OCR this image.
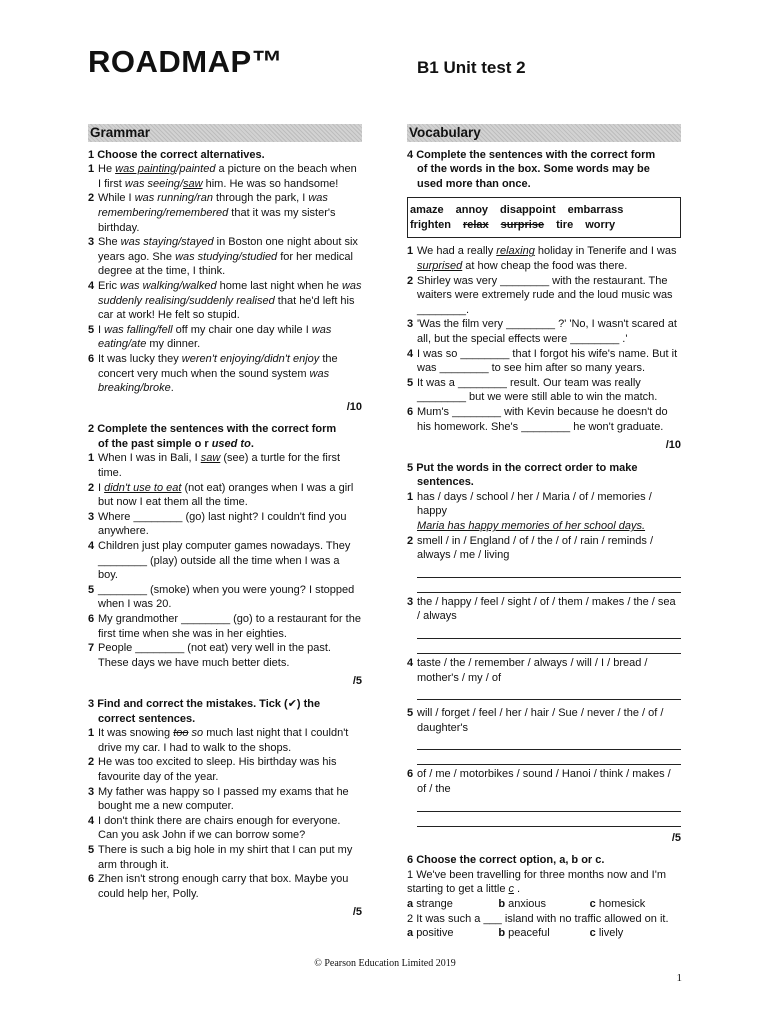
ROADMAP™	B1 Unit test 2
Grammar
1 Choose the correct alternatives.
1 He was painting/painted a picture on the beach when I first was seeing/saw him. He was so handsome!
2 While I was running/ran through the park, I was remembering/remembered that it was my sister's birthday.
3 She was staying/stayed in Boston one night about six years ago. She was studying/studied for her medical degree at the time, I think.
4 Eric was walking/walked home last night when he was suddenly realising/suddenly realised that he'd left his car at work! He felt so stupid.
5 I was falling/fell off my chair one day while I was eating/ate my dinner.
6 It was lucky they weren't enjoying/didn't enjoy the concert very much when the sound system was breaking/broke.
/10
2 Complete the sentences with the correct form
of the past simple o r used to.
1 When I was in Bali, I saw (see) a turtle for the first time.
2 I didn't use to eat (not eat) oranges when I was a girl but now I eat them all the time.
3 Where ________ (go) last night? I couldn't find you anywhere.
4 Children just play computer games nowadays. They ________ (play) outside all the time when I was a boy.
5 ________ (smoke) when you were young? I stopped when I was 20.
6 My grandmother ________ (go) to a restaurant for the first time when she was in her eighties.
7 People ________ (not eat) very well in the past. These days we have much better diets.
/5
3 Find and correct the mistakes. Tick (✔) the
correct sentences.
1 It was snowing too so much last night that I couldn't drive my car. I had to walk to the shops.
2 He was too excited to sleep. His birthday was his favourite day of the year.
3 My father was happy so I passed my exams that he bought me a new computer.
4 I don't think there are chairs enough for everyone. Can you ask John if we can borrow some?
5 There is such a big hole in my shirt that I can put my arm through it.
6 Zhen isn't strong enough carry that box. Maybe you could help her, Polly.
/5
Vocabulary
4 Complete the sentences with the correct form
of the words in the box. Some words may be
used more than once.
amaze annoy disappoint embarrass
frighten relax surprise tire worry
1 We had a really relaxing holiday in Tenerife and I was surprised at how cheap the food was there.
2 Shirley was very ________ with the restaurant. The waiters were extremely rude and the loud music was ________.
3 'Was the film very ________ ?' 'No, I wasn't scared at all, but the special effects were ________ .'
4 I was so ________ that I forgot his wife's name. But it was ________ to see him after so many years.
5 It was a ________ result. Our team was really ________ but we were still able to win the match.
6 Mum's ________ with Kevin because he doesn't do his homework. She's ________ he won't graduate.
/10
5 Put the words in the correct order to make
sentences.
1 has / days / school / her / Maria / of / memories / happy
Maria has happy memories of her school days.
2 smell / in / England / of / the / of / rain / reminds / always / me / living
3 the / happy / feel / sight / of / them / makes / the / sea / always
4 taste / the / remember / always / will / I / bread / mother's / my / of
5 will / forget / feel / her / hair / Sue / never / the / of / daughter's
6 of / me / motorbikes / sound / Hanoi / think / makes / of / the
/5
6 Choose the correct option, a, b or c.
1 We've been travelling for three months now and I'm starting to get a little c .
a strange	b anxious	c homesick
2 It was such a ___ island with no traffic allowed on it.
a positive	b peaceful	c lively
© Pearson Education Limited 2019
1
